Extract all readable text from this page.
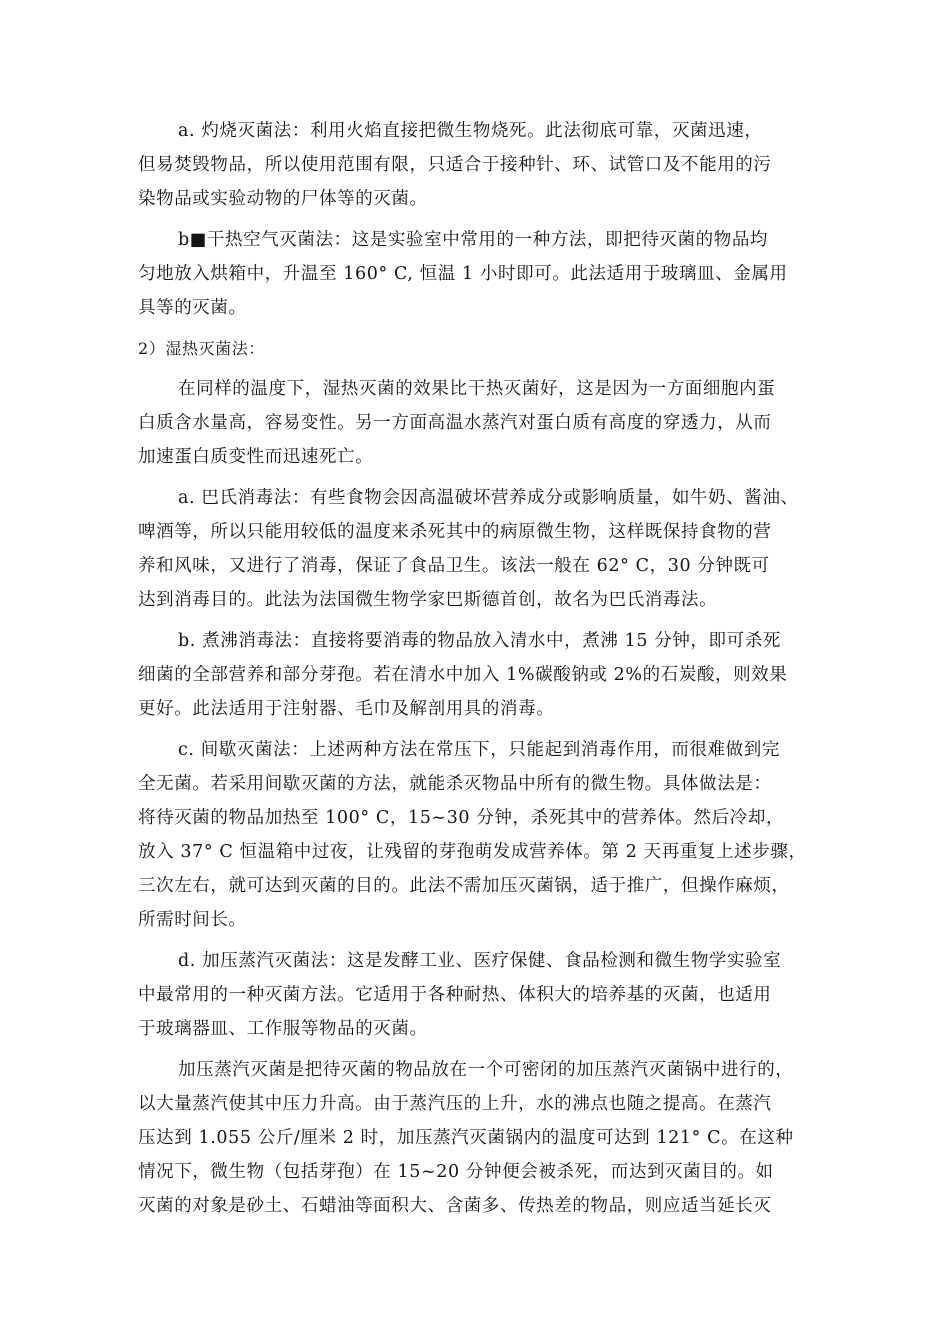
a. 灼烧灭菌法：利用火焰直接把微生物烧死。此法彻底可靠，灭菌迅速，
但易焚毁物品，所以使用范围有限，只适合于接种针、环、试管口及不能用的污
染物品或实验动物的尸体等的灭菌。

b■干热空气灭菌法：这是实验室中常用的一种方法，即把待灭菌的物品均
匀地放入烘箱中，升温至 160° C, 恒温 1 小时即可。此法适用于玻璃皿、金属用
具等的灭菌。

2）湿热灭菌法：

在同样的温度下，湿热灭菌的效果比干热灭菌好，这是因为一方面细胞内蛋
白质含水量高，容易变性。另一方面高温水蒸汽对蛋白质有高度的穿透力，从而
加速蛋白质变性而迅速死亡。

a. 巴氏消毒法：有些食物会因高温破坏营养成分或影响质量，如牛奶、酱油、
啤酒等，所以只能用较低的温度来杀死其中的病原微生物，这样既保持食物的营
养和风味，又进行了消毒，保证了食品卫生。该法一般在 62° C，30 分钟既可
达到消毒目的。此法为法国微生物学家巴斯德首创，故名为巴氏消毒法。

b. 煮沸消毒法：直接将要消毒的物品放入清水中，煮沸 15 分钟，即可杀死
细菌的全部营养和部分芽孢。若在清水中加入 1%碳酸钠或 2%的石炭酸，则效果
更好。此法适用于注射器、毛巾及解剖用具的消毒。

c. 间歇灭菌法：上述两种方法在常压下，只能起到消毒作用，而很难做到完
全无菌。若采用间歇灭菌的方法，就能杀灭物品中所有的微生物。具体做法是：
将待灭菌的物品加热至 100° C，15~30 分钟，杀死其中的营养体。然后冷却，
放入 37° C 恒温箱中过夜，让残留的芽孢萌发成营养体。第 2 天再重复上述步骤，
三次左右，就可达到灭菌的目的。此法不需加压灭菌锅，适于推广，但操作麻烦，
所需时间长。

d. 加压蒸汽灭菌法：这是发酵工业、医疗保健、食品检测和微生物学实验室
中最常用的一种灭菌方法。它适用于各种耐热、体积大的培养基的灭菌，也适用
于玻璃器皿、工作服等物品的灭菌。

加压蒸汽灭菌是把待灭菌的物品放在一个可密闭的加压蒸汽灭菌锅中进行的，
以大量蒸汽使其中压力升高。由于蒸汽压的上升，水的沸点也随之提高。在蒸汽
压达到 1.055 公斤/厘米 2 时，加压蒸汽灭菌锅内的温度可达到 121° C。在这种
情况下，微生物（包括芽孢）在 15~20 分钟便会被杀死，而达到灭菌目的。如
灭菌的对象是砂土、石蜡油等面积大、含菌多、传热差的物品，则应适当延长灭
